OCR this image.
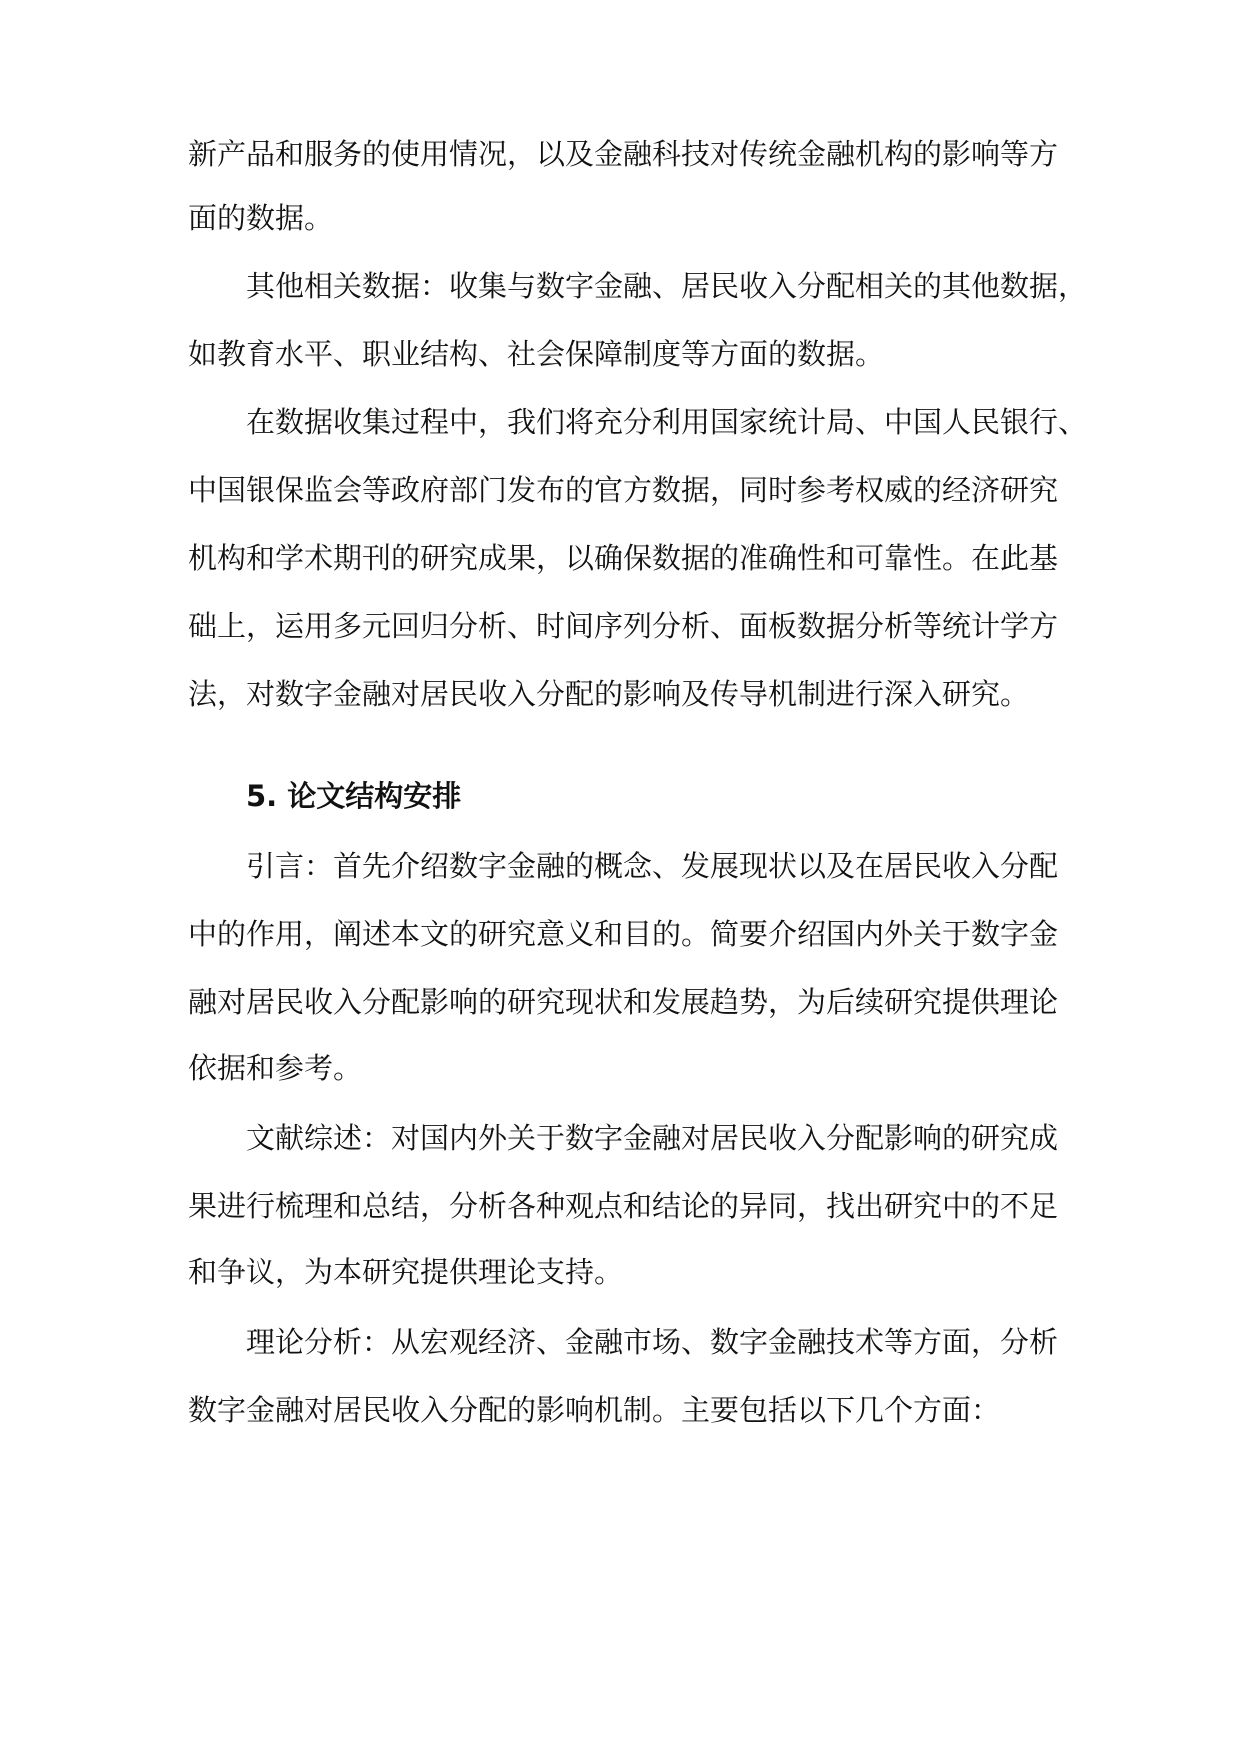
新产品和服务的使用情况，以及金融科技对传统金融机构的影响等方
面的数据。
其他相关数据：收集与数字金融、居民收入分配相关的其他数据，
如教育水平、职业结构、社会保障制度等方面的数据。
在数据收集过程中，我们将充分利用国家统计局、中国人民银行、
中国银保监会等政府部门发布的官方数据，同时参考权威的经济研究
机构和学术期刊的研究成果，以确保数据的准确性和可靠性。在此基
础上，运用多元回归分析、时间序列分析、面板数据分析等统计学方
法，对数字金融对居民收入分配的影响及传导机制进行深入研究。
5. 论文结构安排
引言：首先介绍数字金融的概念、发展现状以及在居民收入分配
中的作用，阐述本文的研究意义和目的。简要介绍国内外关于数字金
融对居民收入分配影响的研究现状和发展趋势，为后续研究提供理论
依据和参考。
文献综述：对国内外关于数字金融对居民收入分配影响的研究成
果进行梳理和总结，分析各种观点和结论的异同，找出研究中的不足
和争议，为本研究提供理论支持。
理论分析：从宏观经济、金融市场、数字金融技术等方面，分析
数字金融对居民收入分配的影响机制。主要包括以下几个方面：
